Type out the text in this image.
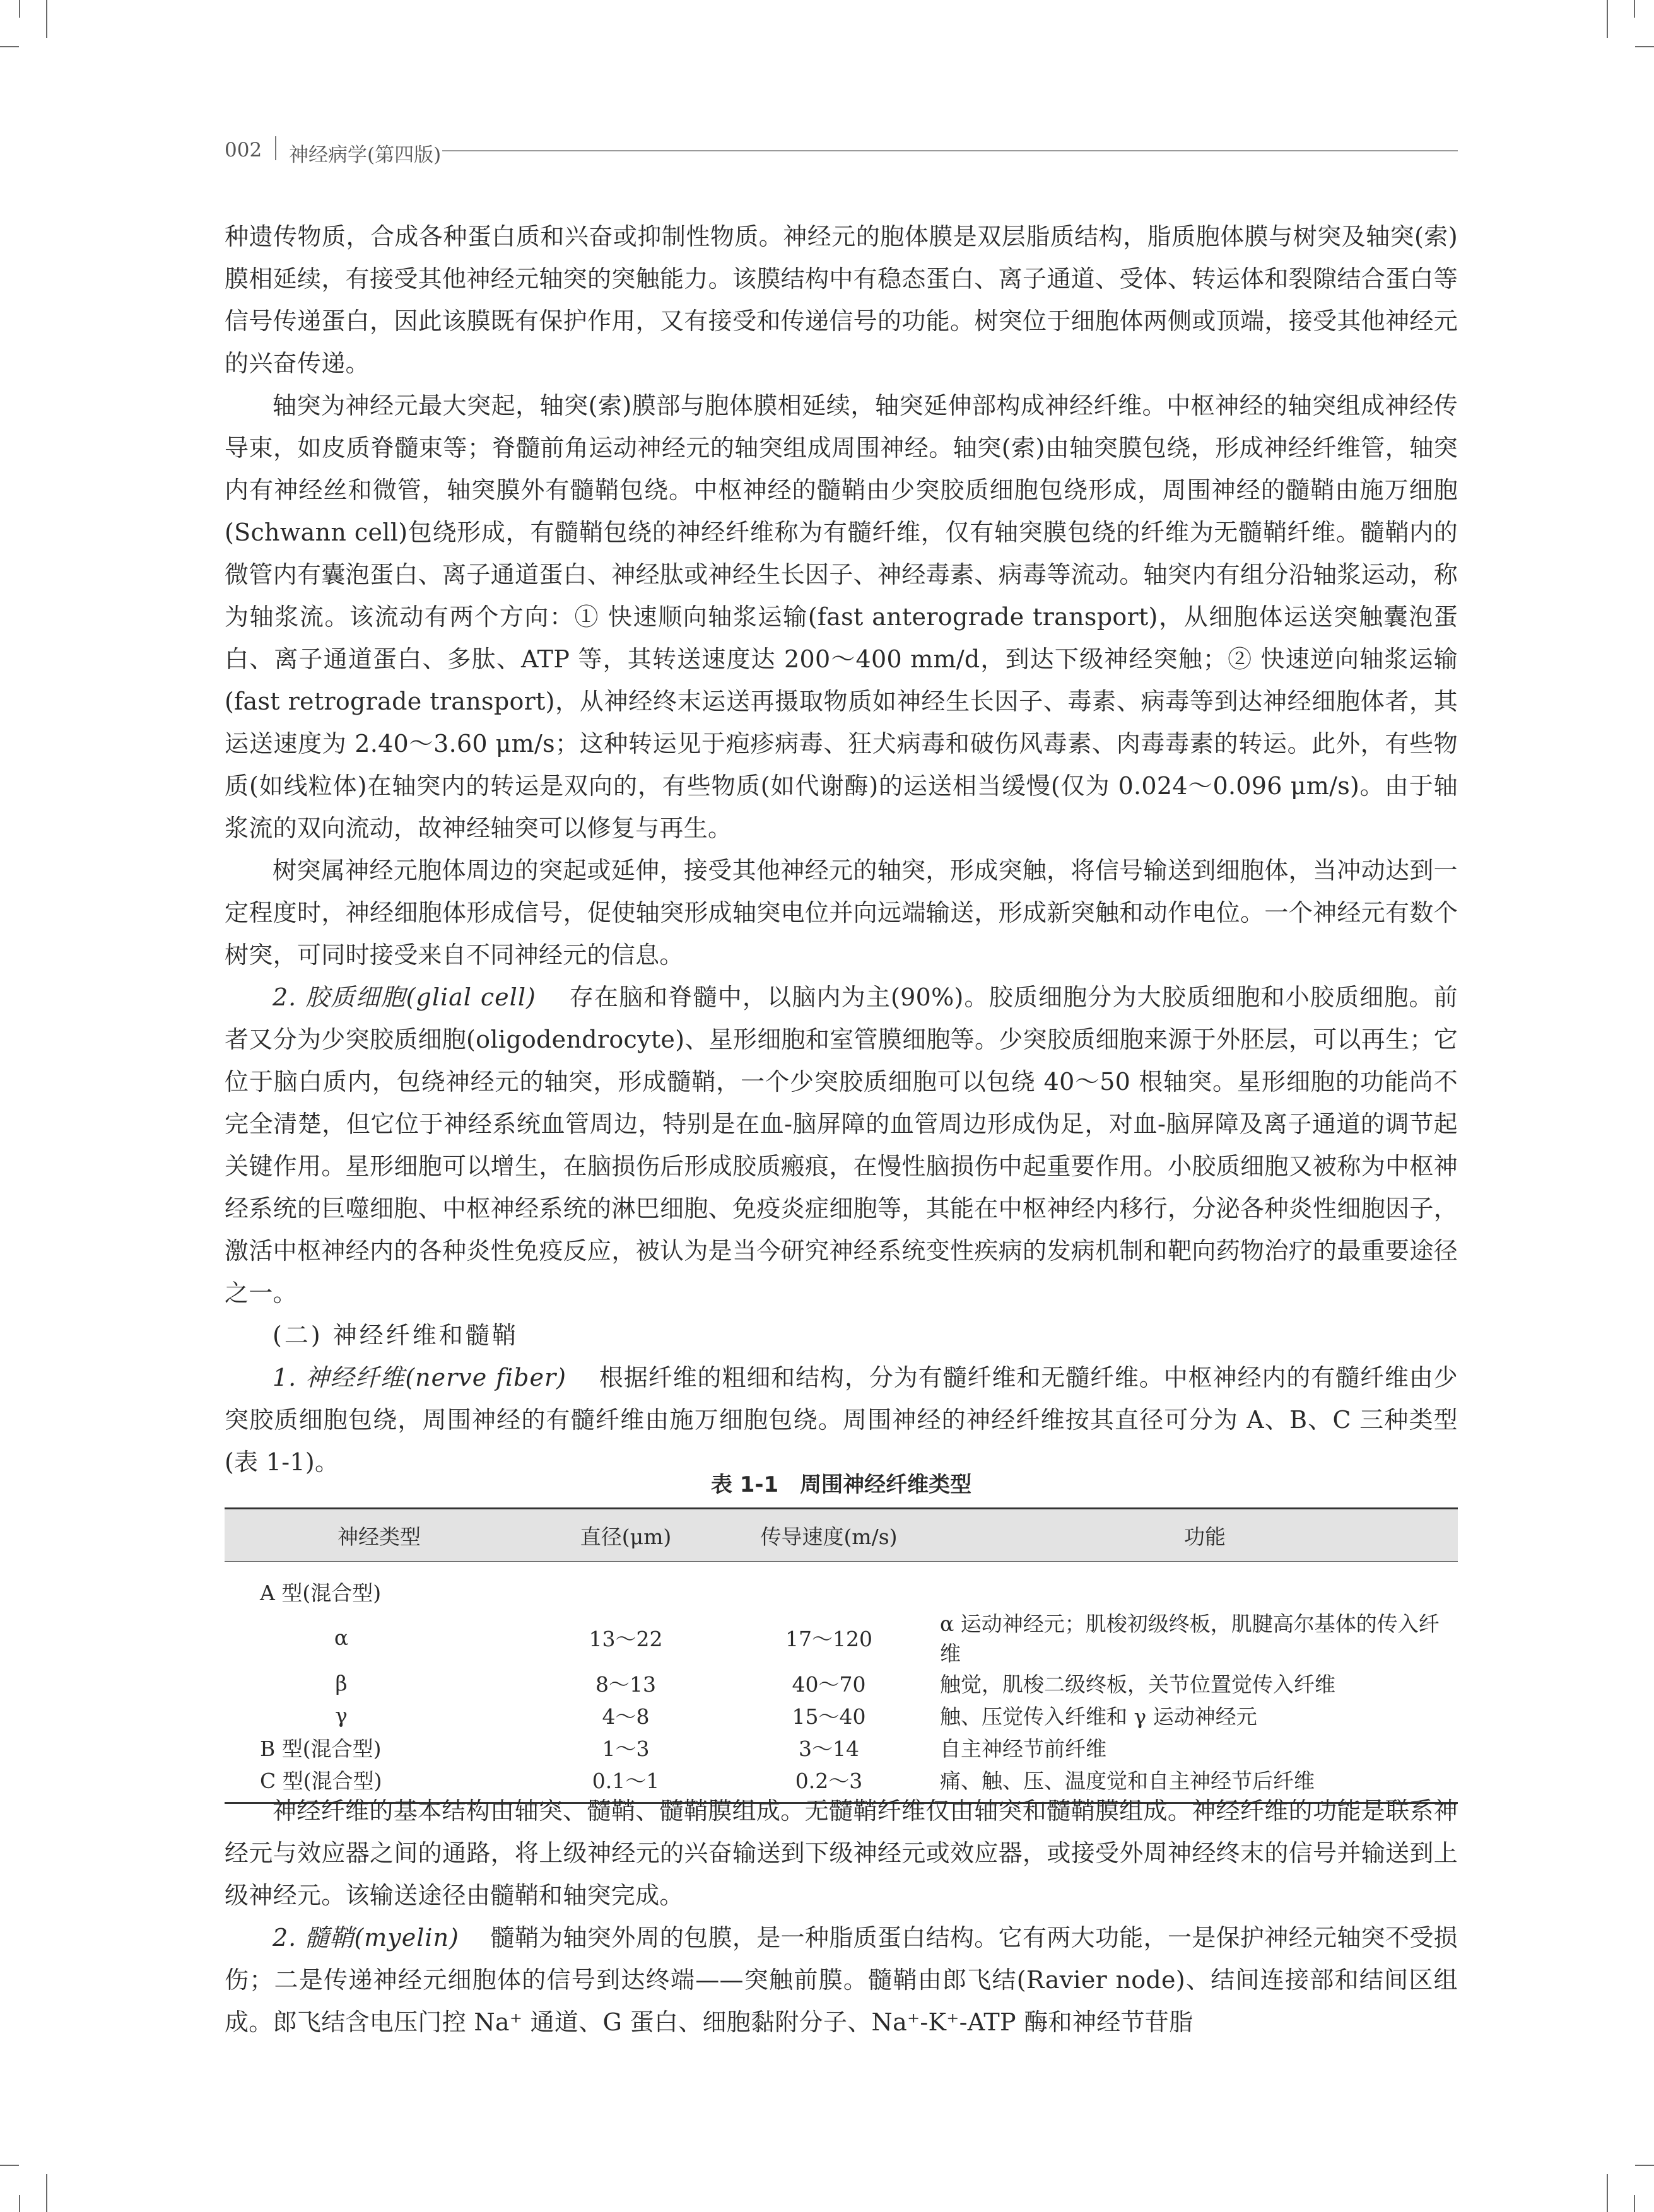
002 神经病学(第四版)

种遗传物质，合成各种蛋白质和兴奋或抑制性物质。神经元的胞体膜是双层脂质结构，脂质胞体膜与树突及轴突(索)膜相延续，有接受其他神经元轴突的突触能力。该膜结构中有稳态蛋白、离子通道、受体、转运体和裂隙结合蛋白等信号传递蛋白，因此该膜既有保护作用，又有接受和传递信号的功能。树突位于细胞体两侧或顶端，接受其他神经元的兴奋传递。

轴突为神经元最大突起，轴突(索)膜部与胞体膜相延续，轴突延伸部构成神经纤维。中枢神经的轴突组成神经传导束，如皮质脊髓束等；脊髓前角运动神经元的轴突组成周围神经。轴突(索)由轴突膜包绕，形成神经纤维管，轴突内有神经丝和微管，轴突膜外有髓鞘包绕。中枢神经的髓鞘由少突胶质细胞包绕形成，周围神经的髓鞘由施万细胞(Schwann cell)包绕形成，有髓鞘包绕的神经纤维称为有髓纤维，仅有轴突膜包绕的纤维为无髓鞘纤维。髓鞘内的微管内有囊泡蛋白、离子通道蛋白、神经肽或神经生长因子、神经毒素、病毒等流动。轴突内有组分沿轴浆运动，称为轴浆流。该流动有两个方向：① 快速顺向轴浆运输(fast anterograde transport)，从细胞体运送突触囊泡蛋白、离子通道蛋白、多肽、ATP 等，其转送速度达 200～400 mm/d，到达下级神经突触；② 快速逆向轴浆运输(fast retrograde transport)，从神经终末运送再摄取物质如神经生长因子、毒素、病毒等到达神经细胞体者，其运送速度为 2.40～3.60 μm/s；这种转运见于疱疹病毒、狂犬病毒和破伤风毒素、肉毒毒素的转运。此外，有些物质(如线粒体)在轴突内的转运是双向的，有些物质(如代谢酶)的运送相当缓慢(仅为 0.024～0.096 μm/s)。由于轴浆流的双向流动，故神经轴突可以修复与再生。

树突属神经元胞体周边的突起或延伸，接受其他神经元的轴突，形成突触，将信号输送到细胞体，当冲动达到一定程度时，神经细胞体形成信号，促使轴突形成轴突电位并向远端输送，形成新突触和动作电位。一个神经元有数个树突，可同时接受来自不同神经元的信息。

2. 胶质细胞(glial cell) 存在脑和脊髓中，以脑内为主(90%)。胶质细胞分为大胶质细胞和小胶质细胞。前者又分为少突胶质细胞(oligodendrocyte)、星形细胞和室管膜细胞等。少突胶质细胞来源于外胚层，可以再生；它位于脑白质内，包绕神经元的轴突，形成髓鞘，一个少突胶质细胞可以包绕 40～50 根轴突。星形细胞的功能尚不完全清楚，但它位于神经系统血管周边，特别是在血-脑屏障的血管周边形成伪足，对血-脑屏障及离子通道的调节起关键作用。星形细胞可以增生，在脑损伤后形成胶质瘢痕，在慢性脑损伤中起重要作用。小胶质细胞又被称为中枢神经系统的巨噬细胞、中枢神经系统的淋巴细胞、免疫炎症细胞等，其能在中枢神经内移行，分泌各种炎性细胞因子，激活中枢神经内的各种炎性免疫反应，被认为是当今研究神经系统变性疾病的发病机制和靶向药物治疗的最重要途径之一。

(二) 神经纤维和髓鞘

1. 神经纤维(nerve fiber) 根据纤维的粗细和结构，分为有髓纤维和无髓纤维。中枢神经内的有髓纤维由少突胶质细胞包绕，周围神经的有髓纤维由施万细胞包绕。周围神经的神经纤维按其直径可分为 A、B、C 三种类型(表 1-1)。

表 1-1　周围神经纤维类型
神经类型	直径(μm)	传导速度(m/s)	功能
A 型(混合型)			
α	13～22	17～120	α 运动神经元；肌梭初级终板，肌腱高尔基体的传入纤维
β	8～13	40～70	触觉，肌梭二级终板，关节位置觉传入纤维
γ	4～8	15～40	触、压觉传入纤维和 γ 运动神经元
B 型(混合型)	1～3	3～14	自主神经节前纤维
C 型(混合型)	0.1～1	0.2～3	痛、触、压、温度觉和自主神经节后纤维

神经纤维的基本结构由轴突、髓鞘、髓鞘膜组成。无髓鞘纤维仅由轴突和髓鞘膜组成。神经纤维的功能是联系神经元与效应器之间的通路，将上级神经元的兴奋输送到下级神经元或效应器，或接受外周神经终末的信号并输送到上级神经元。该输送途径由髓鞘和轴突完成。

2. 髓鞘(myelin) 髓鞘为轴突外周的包膜，是一种脂质蛋白结构。它有两大功能，一是保护神经元轴突不受损伤；二是传递神经元细胞体的信号到达终端——突触前膜。髓鞘由郎飞结(Ravier node)、结间连接部和结间区组成。郎飞结含电压门控 Na⁺ 通道、G 蛋白、细胞黏附分子、Na⁺-K⁺-ATP 酶和神经节苷脂
